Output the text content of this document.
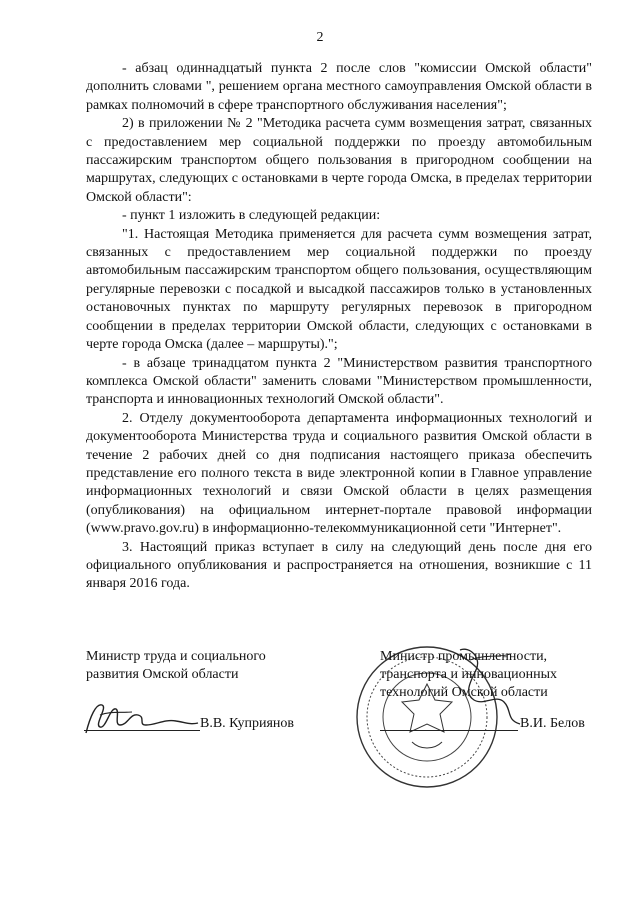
2

- абзац одиннадцатый пункта 2 после слов "комиссии Омской области" дополнить словами ", решением органа местного самоуправления Омской области в рамках полномочий в сфере транспортного обслуживания населения";

2) в приложении № 2 "Методика расчета сумм возмещения затрат, связанных с предоставлением мер социальной поддержки по проезду автомобильным пассажирским транспортом общего пользования в пригородном сообщении на маршрутах, следующих с остановками в черте города Омска, в пределах территории Омской области":

- пункт 1 изложить в следующей редакции:

"1. Настоящая Методика применяется для расчета сумм возмещения затрат, связанных с предоставлением мер социальной поддержки по проезду автомобильным пассажирским транспортом общего пользования, осуществляющим регулярные перевозки с посадкой и высадкой пассажиров только в установленных остановочных пунктах по маршруту регулярных перевозок в пригородном сообщении в пределах территории Омской области, следующих с остановками в черте города Омска (далее – маршруты).";

- в абзаце тринадцатом пункта 2 "Министерством развития транспортного комплекса Омской области" заменить словами "Министерством промышленности, транспорта и инновационных технологий Омской области".

2. Отделу документооборота департамента информационных технологий и документооборота Министерства труда и социального развития Омской области в течение 2 рабочих дней со дня подписания настоящего приказа обеспечить представление его полного текста в виде электронной копии в Главное управление информационных технологий и связи Омской области в целях размещения (опубликования) на официальном интернет-портале правовой информации (www.pravo.gov.ru) в информационно-телекоммуникационной сети "Интернет".

3. Настоящий приказ вступает в силу на следующий день после дня его официального опубликования и распространяется на отношения, возникшие с 11 января 2016 года.

Министр труда и социального
развития Омской области
В.В. Куприянов
Министр промышленности,
транспорта и инновационных
технологий Омской области
В.И. Белов
